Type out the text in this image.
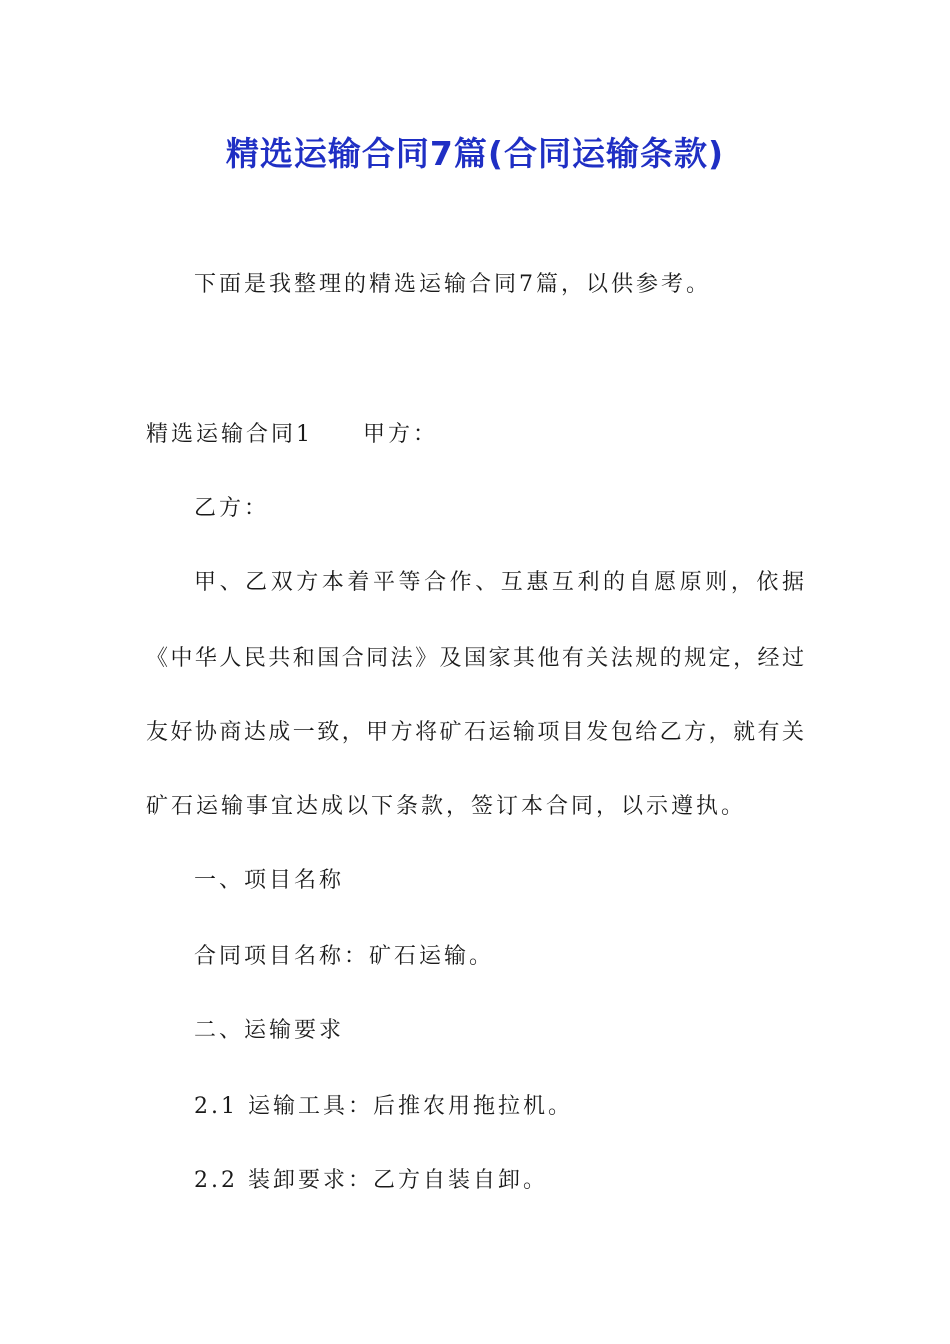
精选运输合同7篇(合同运输条款)
下面是我整理的精选运输合同7篇，以供参考。
精选运输合同1 甲方：
乙方：
甲、乙双方本着平等合作、互惠互利的自愿原则，依据
《中华人民共和国合同法》及国家其他有关法规的规定，经过
友好协商达成一致，甲方将矿石运输项目发包给乙方，就有关
矿石运输事宜达成以下条款，签订本合同，以示遵执。
一、项目名称
合同项目名称：矿石运输。
二、运输要求
2.1 运输工具：后推农用拖拉机。
2.2 装卸要求：乙方自装自卸。
